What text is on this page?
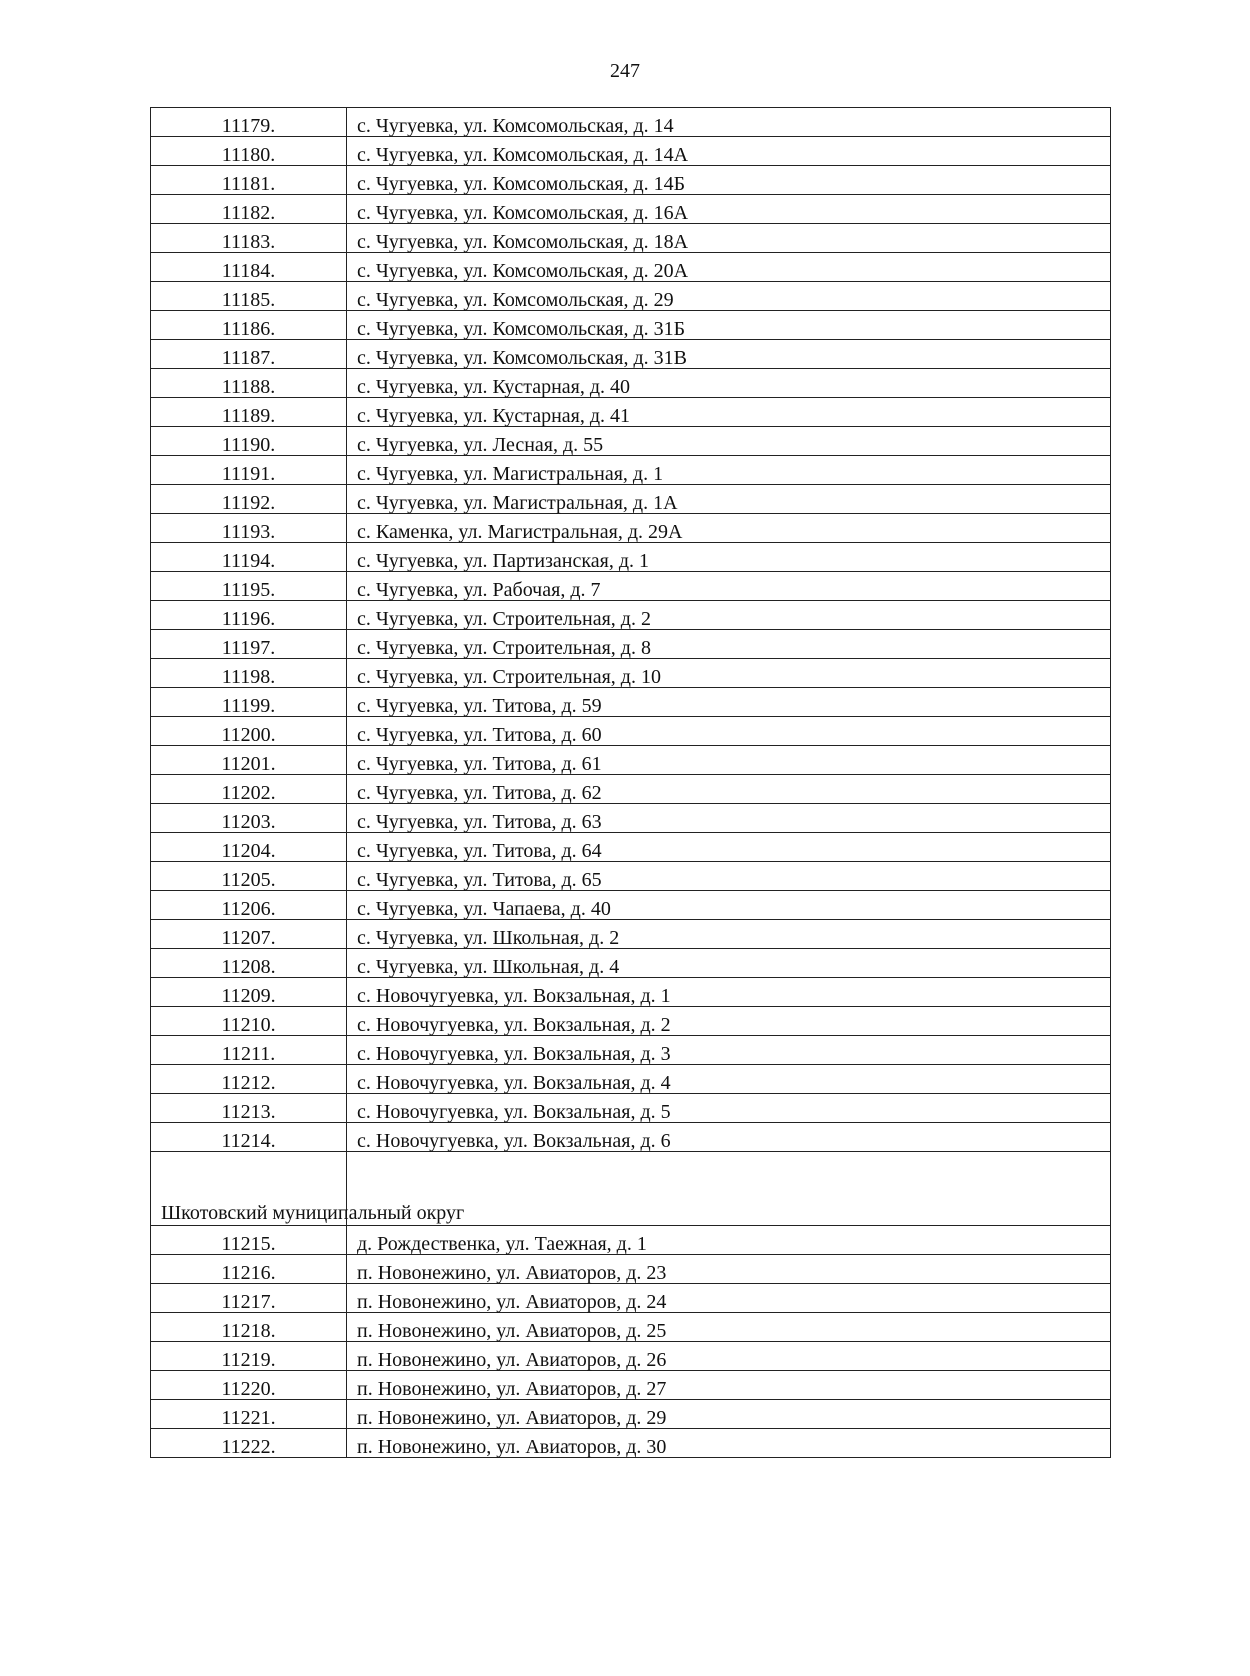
247
11179.	с. Чугуевка, ул. Комсомольская, д. 14
11180.	с. Чугуевка, ул. Комсомольская, д. 14А
11181.	с. Чугуевка, ул. Комсомольская, д. 14Б
11182.	с. Чугуевка, ул. Комсомольская, д. 16А
11183.	с. Чугуевка, ул. Комсомольская, д. 18А
11184.	с. Чугуевка, ул. Комсомольская, д. 20А
11185.	с. Чугуевка, ул. Комсомольская, д. 29
11186.	с. Чугуевка, ул. Комсомольская, д. 31Б
11187.	с. Чугуевка, ул. Комсомольская, д. 31В
11188.	с. Чугуевка, ул. Кустарная, д. 40
11189.	с. Чугуевка, ул. Кустарная, д. 41
11190.	с. Чугуевка, ул. Лесная, д. 55
11191.	с. Чугуевка, ул. Магистральная, д. 1
11192.	с. Чугуевка, ул. Магистральная, д. 1А
11193.	с. Каменка, ул. Магистральная, д. 29А
11194.	с. Чугуевка, ул. Партизанская, д. 1
11195.	с. Чугуевка, ул. Рабочая, д. 7
11196.	с. Чугуевка, ул. Строительная, д. 2
11197.	с. Чугуевка, ул. Строительная, д. 8
11198.	с. Чугуевка, ул. Строительная, д. 10
11199.	с. Чугуевка, ул. Титова, д. 59
11200.	с. Чугуевка, ул. Титова, д. 60
11201.	с. Чугуевка, ул. Титова, д. 61
11202.	с. Чугуевка, ул. Титова, д. 62
11203.	с. Чугуевка, ул. Титова, д. 63
11204.	с. Чугуевка, ул. Титова, д. 64
11205.	с. Чугуевка, ул. Титова, д. 65
11206.	с. Чугуевка, ул. Чапаева, д. 40
11207.	с. Чугуевка, ул. Школьная, д. 2
11208.	с. Чугуевка, ул. Школьная, д. 4
11209.	с. Новочугуевка, ул. Вокзальная, д. 1
11210.	с. Новочугуевка, ул. Вокзальная, д. 2
11211.	с. Новочугуевка, ул. Вокзальная, д. 3
11212.	с. Новочугуевка, ул. Вокзальная, д. 4
11213.	с. Новочугуевка, ул. Вокзальная, д. 5
11214.	с. Новочугуевка, ул. Вокзальная, д. 6
Шкотовский муниципальный округ	
11215.	д. Рождественка, ул. Таежная, д. 1
11216.	п. Новонежино, ул. Авиаторов, д. 23
11217.	п. Новонежино, ул. Авиаторов, д. 24
11218.	п. Новонежино, ул. Авиаторов, д. 25
11219.	п. Новонежино, ул. Авиаторов, д. 26
11220.	п. Новонежино, ул. Авиаторов, д. 27
11221.	п. Новонежино, ул. Авиаторов, д. 29
11222.	п. Новонежино, ул. Авиаторов, д. 30
